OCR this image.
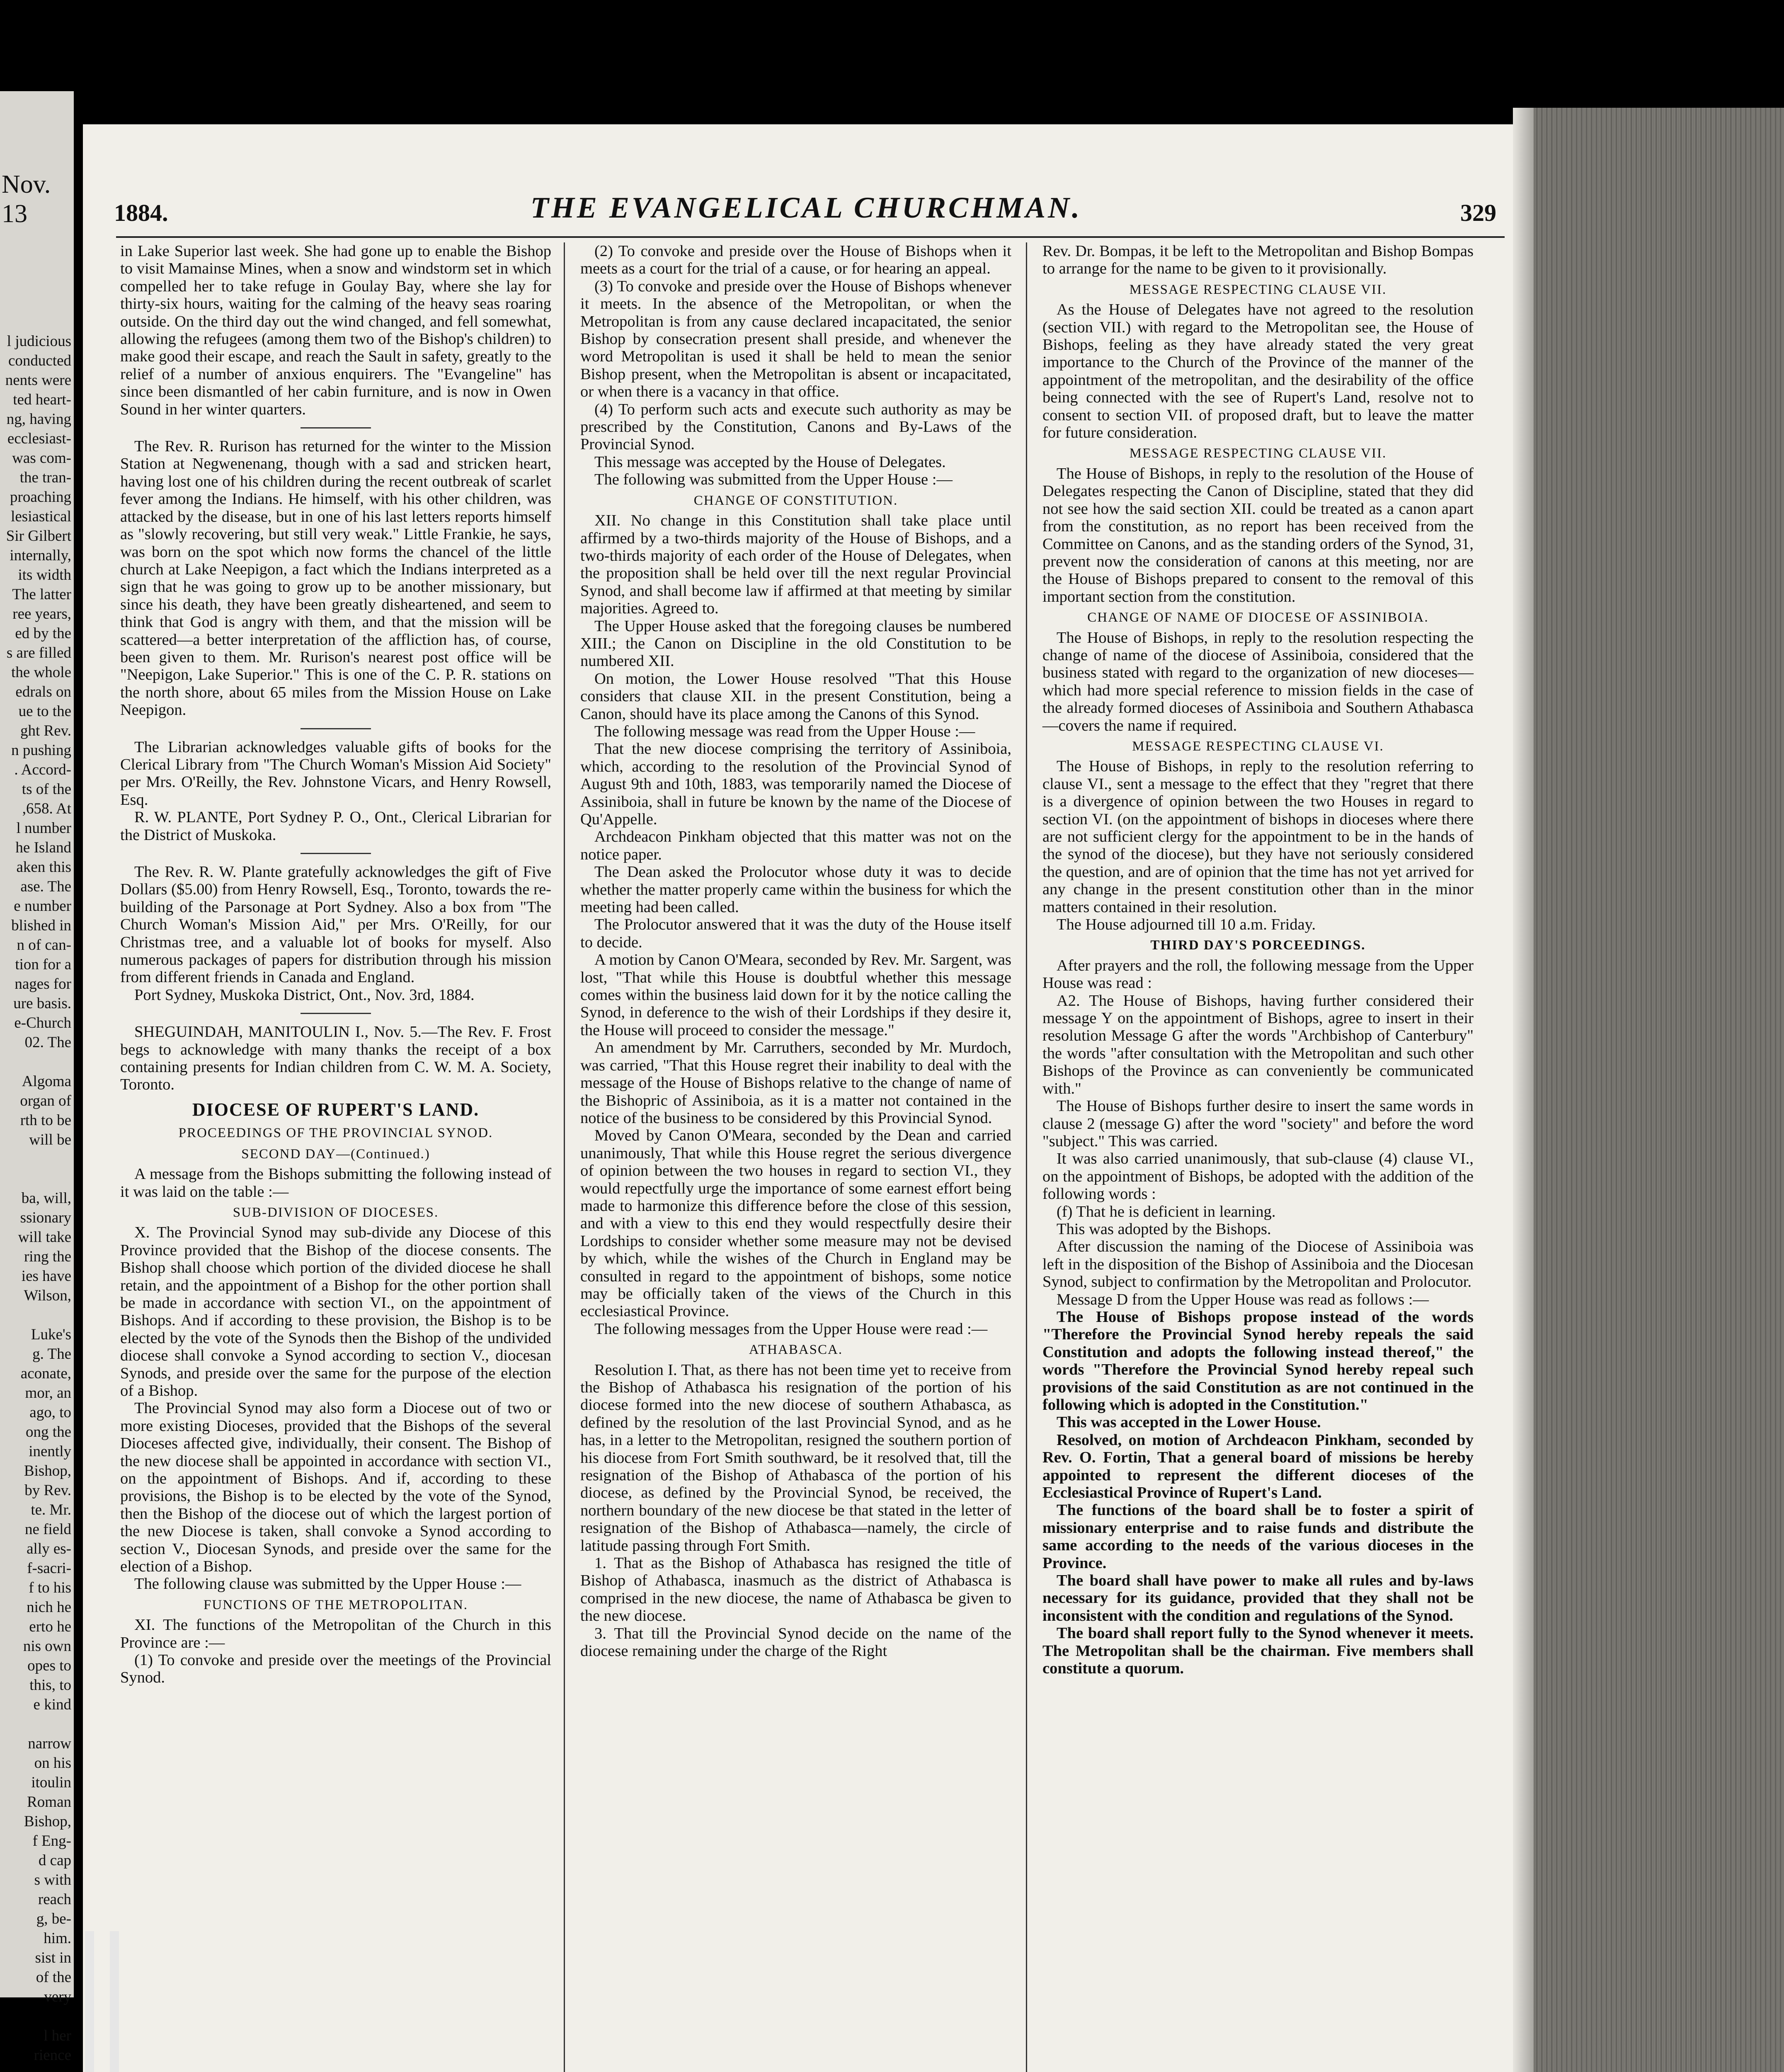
Nov. 13
l judicious
conducted
nents were
ted heart-
ng, having
ecclesiast-
was com-
the tran-
proaching
lesiastical
Sir Gilbert
internally,
its width
The latter
ree years,
ed by the
s are filled
the whole
edrals on
ue to the
ght Rev.
n pushing
. Accord-
ts of the
,658. At
l number
he Island
aken this
ase. The
e number
blished in
n of can-
tion for a
nages for
ure basis.
e-Church
02. The

Algoma
organ of
rth to be
will be

ba, will,
ssionary
will take
ring the
ies have
Wilson,

Luke's
g. The
aconate,
mor, an
ago, to
ong the
inently
Bishop,
by Rev.
te. Mr.
ne field
ally es-
f-sacri-
f to his
nich he
erto he
nis own
opes to
this, to
e kind

narrow
on his
itoulin
Roman
Bishop,
f Eng-
d cap
s with
reach
g, be-
him.
sist in
of the
very

l her
rience
1884.	THE EVANGELICAL CHURCHMAN.	329

in Lake Superior last week. She had gone up to enable the Bishop to visit Mamainse Mines, when a snow and windstorm set in which compelled her to take refuge in Goulay Bay, where she lay for thirty-six hours, waiting for the calming of the heavy seas roaring outside. On the third day out the wind changed, and fell somewhat, allowing the refugees (among them two of the Bishop's children) to make good their escape, and reach the Sault in safety, greatly to the relief of a number of anxious enquirers. The "Evangeline" has since been dismantled of her cabin furniture, and is now in Owen Sound in her winter quarters.

The Rev. R. Rurison has returned for the winter to the Mission Station at Negwenenang, though with a sad and stricken heart, having lost one of his children during the recent outbreak of scarlet fever among the Indians. He himself, with his other children, was attacked by the disease, but in one of his last letters reports himself as "slowly recovering, but still very weak." Little Frankie, he says, was born on the spot which now forms the chancel of the little church at Lake Neepigon, a fact which the Indians interpreted as a sign that he was going to grow up to be another missionary, but since his death, they have been greatly disheartened, and seem to think that God is angry with them, and that the mission will be scattered—a better interpretation of the affliction has, of course, been given to them. Mr. Rurison's nearest post office will be "Neepigon, Lake Superior." This is one of the C. P. R. stations on the north shore, about 65 miles from the Mission House on Lake Neepigon.

The Librarian acknowledges valuable gifts of books for the Clerical Library from "The Church Woman's Mission Aid Society" per Mrs. O'Reilly, the Rev. Johnstone Vicars, and Henry Rowsell, Esq.

R. W. PLANTE, Port Sydney P. O., Ont., Clerical Librarian for the District of Muskoka.

The Rev. R. W. Plante gratefully acknowledges the gift of Five Dollars ($5.00) from Henry Rowsell, Esq., Toronto, towards the re-building of the Parsonage at Port Sydney. Also a box from "The Church Woman's Mission Aid," per Mrs. O'Reilly, for our Christmas tree, and a valuable lot of books for myself. Also numerous packages of papers for distribution through his mission from different friends in Canada and England.

Port Sydney, Muskoka District, Ont., Nov. 3rd, 1884.

SHEGUINDAH, MANITOULIN I., Nov. 5.—The Rev. F. Frost begs to acknowledge with many thanks the receipt of a box containing presents for Indian children from C. W. M. A. Society, Toronto.

DIOCESE OF RUPERT'S LAND.
PROCEEDINGS OF THE PROVINCIAL SYNOD.
SECOND DAY—(Continued.)

A message from the Bishops submitting the following instead of it was laid on the table :—

SUB-DIVISION OF DIOCESES.

X. The Provincial Synod may sub-divide any Diocese of this Province provided that the Bishop of the diocese consents. The Bishop shall choose which portion of the divided diocese he shall retain, and the appointment of a Bishop for the other portion shall be made in accordance with section VI., on the appointment of Bishops. And if according to these provision, the Bishop is to be elected by the vote of the Synods then the Bishop of the undivided diocese shall convoke a Synod according to section V., diocesan Synods, and preside over the same for the purpose of the election of a Bishop.

The Provincial Synod may also form a Diocese out of two or more existing Dioceses, provided that the Bishops of the several Dioceses affected give, individually, their consent. The Bishop of the new diocese shall be appointed in accordance with section VI., on the appointment of Bishops. And if, according to these provisions, the Bishop is to be elected by the vote of the Synod, then the Bishop of the diocese out of which the largest portion of the new Diocese is taken, shall convoke a Synod according to section V., Diocesan Synods, and preside over the same for the election of a Bishop.

The following clause was submitted by the Upper House :—

FUNCTIONS OF THE METROPOLITAN.

XI. The functions of the Metropolitan of the Church in this Province are :—

(1) To convoke and preside over the meetings of the Provincial Synod.

(2) To convoke and preside over the House of Bishops when it meets as a court for the trial of a cause, or for hearing an appeal.

(3) To convoke and preside over the House of Bishops whenever it meets. In the absence of the Metropolitan, or when the Metropolitan is from any cause declared incapacitated, the senior Bishop by consecration present shall preside, and whenever the word Metropolitan is used it shall be held to mean the senior Bishop present, when the Metropolitan is absent or incapacitated, or when there is a vacancy in that office.

(4) To perform such acts and execute such authority as may be prescribed by the Constitution, Canons and By-Laws of the Provincial Synod.

This message was accepted by the House of Delegates.

The following was submitted from the Upper House :—

CHANGE OF CONSTITUTION.

XII. No change in this Constitution shall take place until affirmed by a two-thirds majority of the House of Bishops, and a two-thirds majority of each order of the House of Delegates, when the proposition shall be held over till the next regular Provincial Synod, and shall become law if affirmed at that meeting by similar majorities. Agreed to.

The Upper House asked that the foregoing clauses be numbered XIII.; the Canon on Discipline in the old Constitution to be numbered XII.

On motion, the Lower House resolved "That this House considers that clause XII. in the present Constitution, being a Canon, should have its place among the Canons of this Synod.

The following message was read from the Upper House :—

That the new diocese comprising the territory of Assiniboia, which, according to the resolution of the Provincial Synod of August 9th and 10th, 1883, was temporarily named the Diocese of Assiniboia, shall in future be known by the name of the Diocese of Qu'Appelle.

Archdeacon Pinkham objected that this matter was not on the notice paper.

The Dean asked the Prolocutor whose duty it was to decide whether the matter properly came within the business for which the meeting had been called.

The Prolocutor answered that it was the duty of the House itself to decide.

A motion by Canon O'Meara, seconded by Rev. Mr. Sargent, was lost, "That while this House is doubtful whether this message comes within the business laid down for it by the notice calling the Synod, in deference to the wish of their Lordships if they desire it, the House will proceed to consider the message."

An amendment by Mr. Carruthers, seconded by Mr. Murdoch, was carried, "That this House regret their inability to deal with the message of the House of Bishops relative to the change of name of the Bishopric of Assiniboia, as it is a matter not contained in the notice of the business to be considered by this Provincial Synod.

Moved by Canon O'Meara, seconded by the Dean and carried unanimously, That while this House regret the serious divergence of opinion between the two houses in regard to section VI., they would repectfully urge the importance of some earnest effort being made to harmonize this difference before the close of this session, and with a view to this end they would respectfully desire their Lordships to consider whether some measure may not be devised by which, while the wishes of the Church in England may be consulted in regard to the appointment of bishops, some notice may be officially taken of the views of the Church in this ecclesiastical Province.

The following messages from the Upper House were read :—

ATHABASCA.

Resolution I. That, as there has not been time yet to receive from the Bishop of Athabasca his resignation of the portion of his diocese formed into the new diocese of southern Athabasca, as defined by the resolution of the last Provincial Synod, and as he has, in a letter to the Metropolitan, resigned the southern portion of his diocese from Fort Smith southward, be it resolved that, till the resignation of the Bishop of Athabasca of the portion of his diocese, as defined by the Provincial Synod, be received, the northern boundary of the new diocese be that stated in the letter of resignation of the Bishop of Athabasca—namely, the circle of latitude passing through Fort Smith.

1. That as the Bishop of Athabasca has resigned the title of Bishop of Athabasca, inasmuch as the district of Athabasca is comprised in the new diocese, the name of Athabasca be given to the new diocese.

3. That till the Provincial Synod decide on the name of the diocese remaining under the charge of the Right

Rev. Dr. Bompas, it be left to the Metropolitan and Bishop Bompas to arrange for the name to be given to it provisionally.

MESSAGE RESPECTING CLAUSE VII.

As the House of Delegates have not agreed to the resolution (section VII.) with regard to the Metropolitan see, the House of Bishops, feeling as they have already stated the very great importance to the Church of the Province of the manner of the appointment of the metropolitan, and the desirability of the office being connected with the see of Rupert's Land, resolve not to consent to section VII. of proposed draft, but to leave the matter for future consideration.

MESSAGE RESPECTING CLAUSE VII.

The House of Bishops, in reply to the resolution of the House of Delegates respecting the Canon of Discipline, stated that they did not see how the said section XII. could be treated as a canon apart from the constitution, as no report has been received from the Committee on Canons, and as the standing orders of the Synod, 31, prevent now the consideration of canons at this meeting, nor are the House of Bishops prepared to consent to the removal of this important section from the constitution.

CHANGE OF NAME OF DIOCESE OF ASSINIBOIA.

The House of Bishops, in reply to the resolution respecting the change of name of the diocese of Assiniboia, considered that the business stated with regard to the organization of new dioceses—which had more special reference to mission fields in the case of the already formed dioceses of Assiniboia and Southern Athabasca—covers the name if required.

MESSAGE RESPECTING CLAUSE VI.

The House of Bishops, in reply to the resolution referring to clause VI., sent a message to the effect that they "regret that there is a divergence of opinion between the two Houses in regard to section VI. (on the appointment of bishops in dioceses where there are not sufficient clergy for the appointment to be in the hands of the synod of the diocese), but they have not seriously considered the question, and are of opinion that the time has not yet arrived for any change in the present constitution other than in the minor matters contained in their resolution.

The House adjourned till 10 a.m. Friday.

THIRD DAY'S PORCEEDINGS.

After prayers and the roll, the following message from the Upper House was read :

A2. The House of Bishops, having further considered their message Y on the appointment of Bishops, agree to insert in their resolution Message G after the words "Archbishop of Canterbury" the words "after consultation with the Metropolitan and such other Bishops of the Province as can conveniently be communicated with."

The House of Bishops further desire to insert the same words in clause 2 (message G) after the word "society" and before the word "subject." This was carried.

It was also carried unanimously, that sub-clause (4) clause VI., on the appointment of Bishops, be adopted with the addition of the following words :

(f) That he is deficient in learning.

This was adopted by the Bishops.

After discussion the naming of the Diocese of Assiniboia was left in the disposition of the Bishop of Assiniboia and the Diocesan Synod, subject to confirmation by the Metropolitan and Prolocutor.

Message D from the Upper House was read as follows :—

The House of Bishops propose instead of the words "Therefore the Provincial Synod hereby repeals the said Constitution and adopts the following instead thereof," the words "Therefore the Provincial Synod hereby repeal such provisions of the said Constitution as are not continued in the following which is adopted in the Constitution."

This was accepted in the Lower House.

Resolved, on motion of Archdeacon Pinkham, seconded by Rev. O. Fortin, That a general board of missions be hereby appointed to represent the different dioceses of the Ecclesiastical Province of Rupert's Land.

The functions of the board shall be to foster a spirit of missionary enterprise and to raise funds and distribute the same according to the needs of the various dioceses in the Province.

The board shall have power to make all rules and by-laws necessary for its guidance, provided that they shall not be inconsistent with the condition and regulations of the Synod.

The board shall report fully to the Synod whenever it meets. The Metropolitan shall be the chairman. Five members shall constitute a quorum.
